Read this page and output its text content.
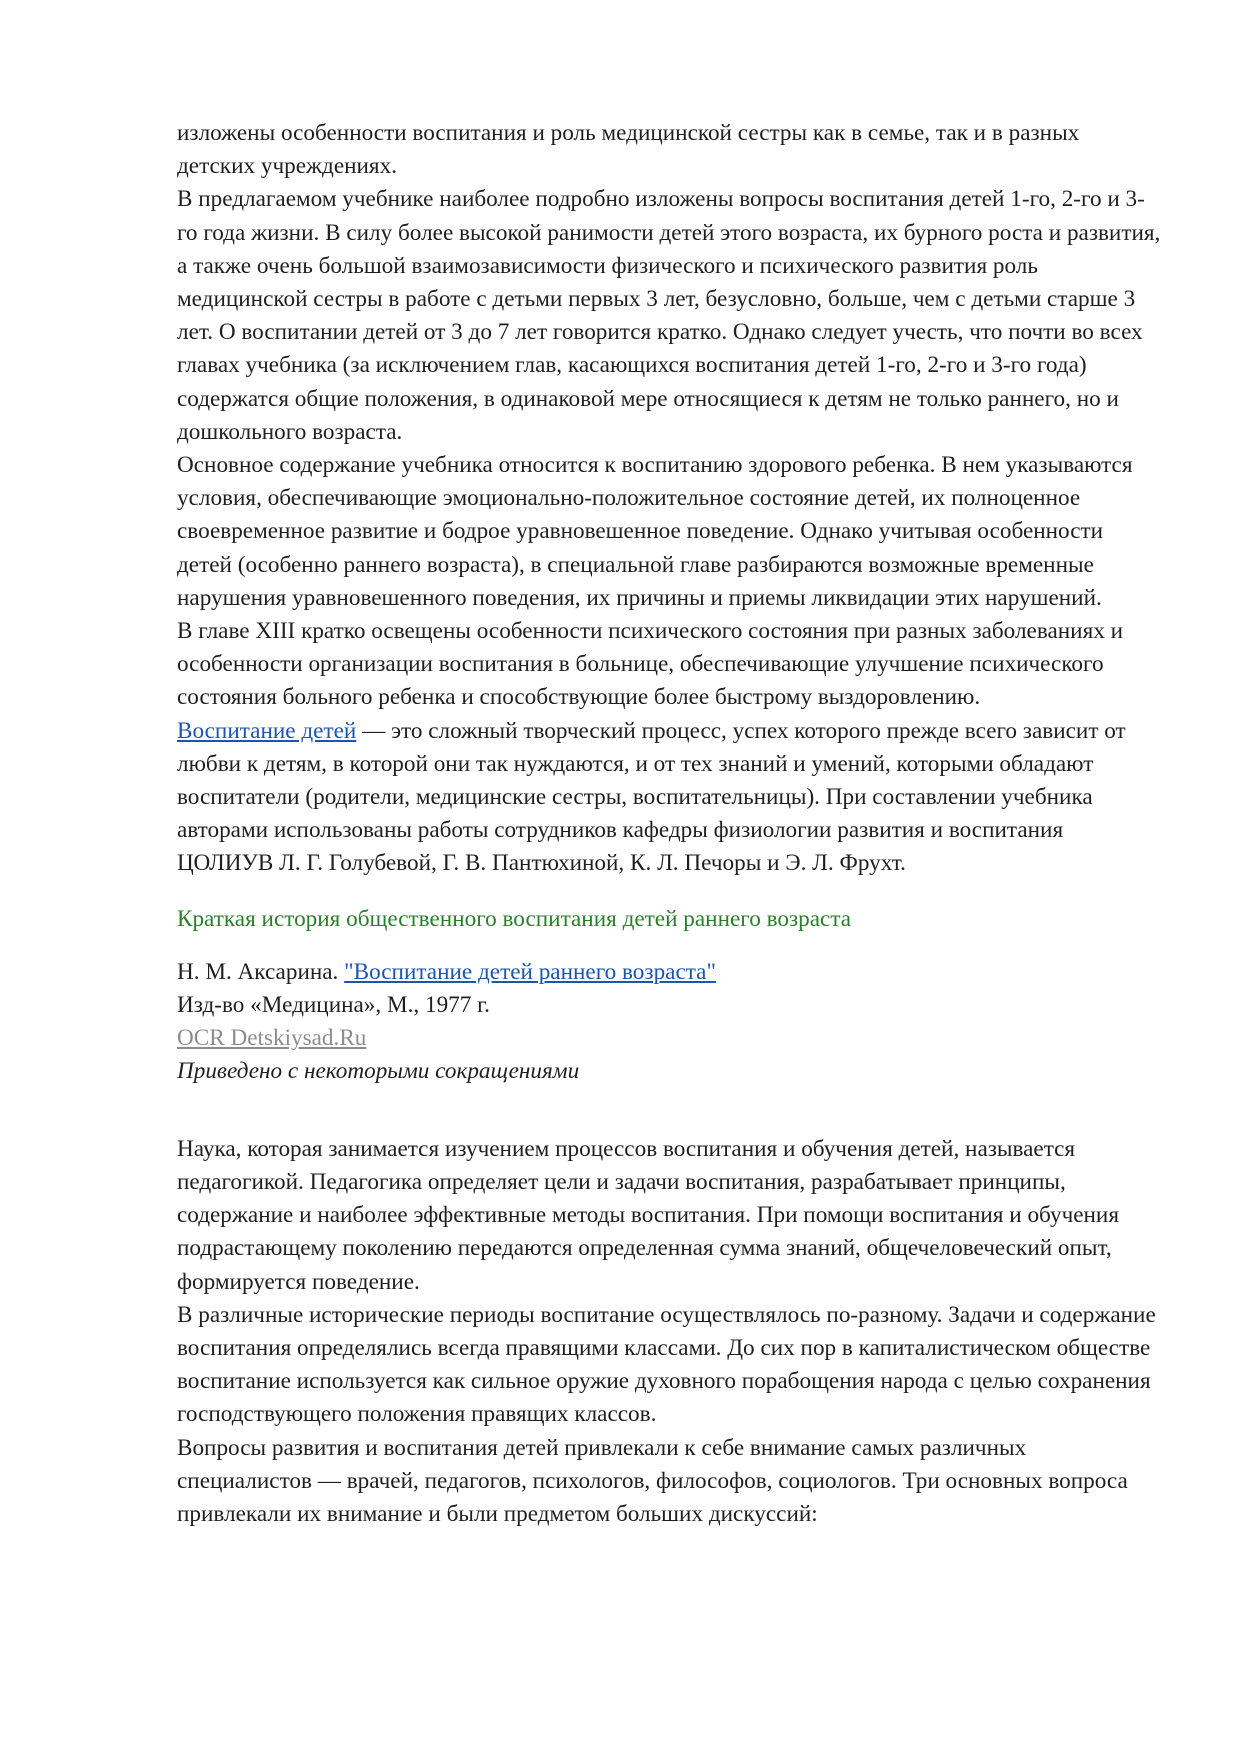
изложены особенности воспитания и роль медицинской сестры как в семье, так и в разных детских учреждениях.

В предлагаемом учебнике наиболее подробно изложены вопросы воспитания детей 1-го, 2-го и 3-го года жизни. В силу более высокой ранимости детей этого возраста, их бурного роста и развития, а также очень большой взаимозависимости физического и психического развития роль медицинской сестры в работе с детьми первых 3 лет, безусловно, больше, чем с детьми старше 3 лет. О воспитании детей от 3 до 7 лет говорится кратко. Однако следует учесть, что почти во всех главах учебника (за исключением глав, касающихся воспитания детей 1-го, 2-го и 3-го года) содержатся общие положения, в одинаковой мере относящиеся к детям не только раннего, но и дошкольного возраста.

Основное содержание учебника относится к воспитанию здорового ребенка. В нем указываются условия, обеспечивающие эмоционально-положительное состояние детей, их полноценное своевременное развитие и бодрое уравновешенное поведение. Однако учитывая особенности детей (особенно раннего возраста), в специальной главе разбираются возможные временные нарушения уравновешенного поведения, их причины и приемы ликвидации этих нарушений.

В главе XIII кратко освещены особенности психического состояния при разных заболеваниях и особенности организации воспитания в больнице, обеспечивающие улучшение психического состояния больного ребенка и способствующие более быстрому выздоровлению.

Воспитание детей — это сложный творческий процесс, успех которого прежде всего зависит от любви к детям, в которой они так нуждаются, и от тех знаний и умений, которыми обладают воспитатели (родители, медицинские сестры, воспитательницы). При составлении учебника авторами использованы работы сотрудников кафедры физиологии развития и воспитания ЦОЛИУВ Л. Г. Голубевой, Г. В. Пантюхиной, К. Л. Печоры и Э. Л. Фрухт.

Краткая история общественного воспитания детей раннего возраста

Н. М. Аксарина. "Воспитание детей раннего возраста"

Изд-во «Медицина», М., 1977 г.

OCR Detskiysad.Ru

Приведено с некоторыми сокращениями

Наука, которая занимается изучением процессов воспитания и обучения детей, называется педагогикой. Педагогика определяет цели и задачи воспитания, разрабатывает принципы, содержание и наиболее эффективные методы воспитания. При помощи воспитания и обучения подрастающему поколению передаются определенная сумма знаний, общечеловеческий опыт, формируется поведение.

В различные исторические периоды воспитание осуществлялось по-разному. Задачи и содержание воспитания определялись всегда правящими классами. До сих пор в капиталистическом обществе воспитание используется как сильное оружие духовного порабощения народа с целью сохранения господствующего положения правящих классов.

Вопросы развития и воспитания детей привлекали к себе внимание самых различных специалистов — врачей, педагогов, психологов, философов, социологов. Три основных вопроса привлекали их внимание и были предметом больших дискуссий:
